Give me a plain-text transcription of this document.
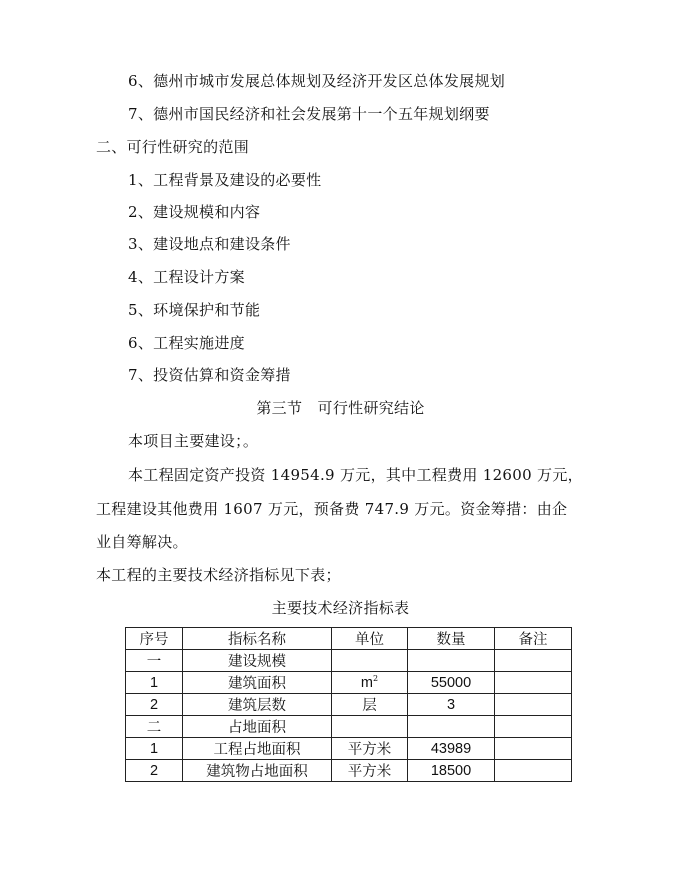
6、德州市城市发展总体规划及经济开发区总体发展规划
7、德州市国民经济和社会发展第十一个五年规划纲要
二、可行性研究的范围
1、工程背景及建设的必要性
2、建设规模和内容
3、建设地点和建设条件
4、工程设计方案
5、环境保护和节能
6、工程实施进度
7、投资估算和资金筹措
第三节　可行性研究结论
本项目主要建设；。
本工程固定资产投资 14954.9 万元，其中工程费用 12600 万元，
工程建设其他费用 1607 万元，预备费 747.9 万元。资金筹措：由企
业自筹解决。
本工程的主要技术经济指标见下表；
主要技术经济指标表
序号	指标名称	单位	数量	备注
一	建设规模			
1	建筑面积	$m^2$	55000	
2	建筑层数	层	3	
二	占地面积			
1	工程占地面积	平方米	43989	
2	建筑物占地面积	平方米	18500	
